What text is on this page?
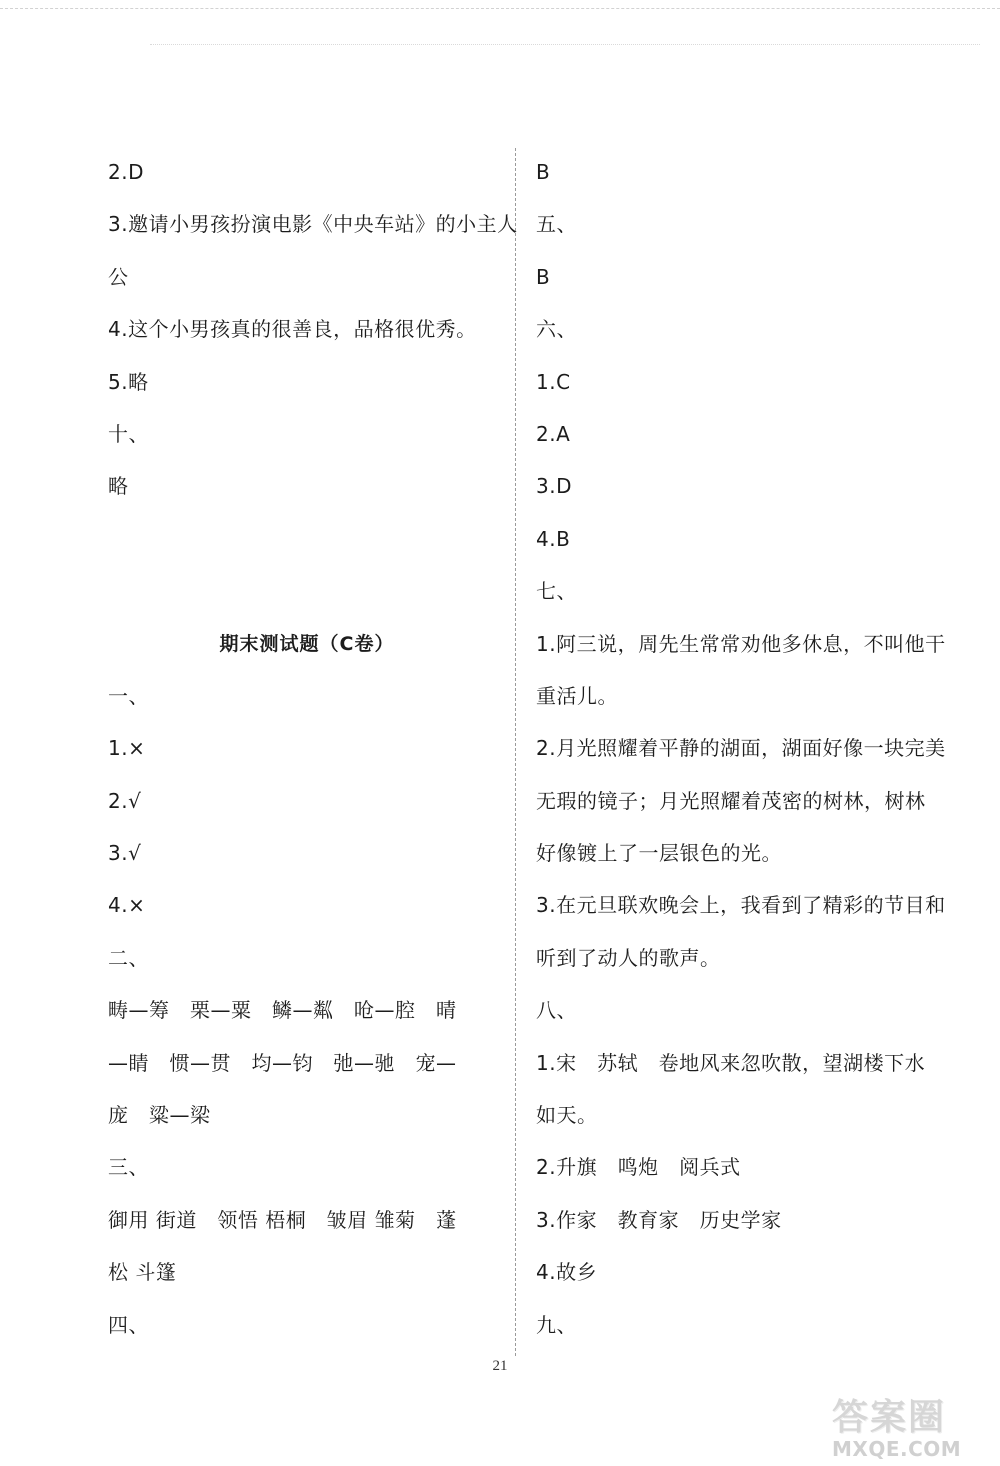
2.D
3.邀请小男孩扮演电影《中央车站》的小主人
公
4.这个小男孩真的很善良，品格很优秀。
5.略
十、
略
期末测试题（C卷）
一、
1.×
2.√
3.√
4.×
二、
畴—筹　栗—粟　鳞—粼　呛—腔　晴
—睛　惯—贯　均—钧　弛—驰　宠—
庞　粱—梁
三、
御用 街道　领悟 梧桐　皱眉 雏菊　蓬
松 斗篷
四、
B
五、
B
六、
1.C
2.A
3.D
4.B
七、
1.阿三说，周先生常常劝他多休息，不叫他干
重活儿。
2.月光照耀着平静的湖面，湖面好像一块完美
无瑕的镜子；月光照耀着茂密的树林，树林
好像镀上了一层银色的光。
3.在元旦联欢晚会上，我看到了精彩的节目和
听到了动人的歌声。
八、
1.宋　苏轼　卷地风来忽吹散，望湖楼下水
如天。
2.升旗　鸣炮　阅兵式
3.作家　教育家　历史学家
4.故乡
九、
21
答案圈
MXQE.COM
